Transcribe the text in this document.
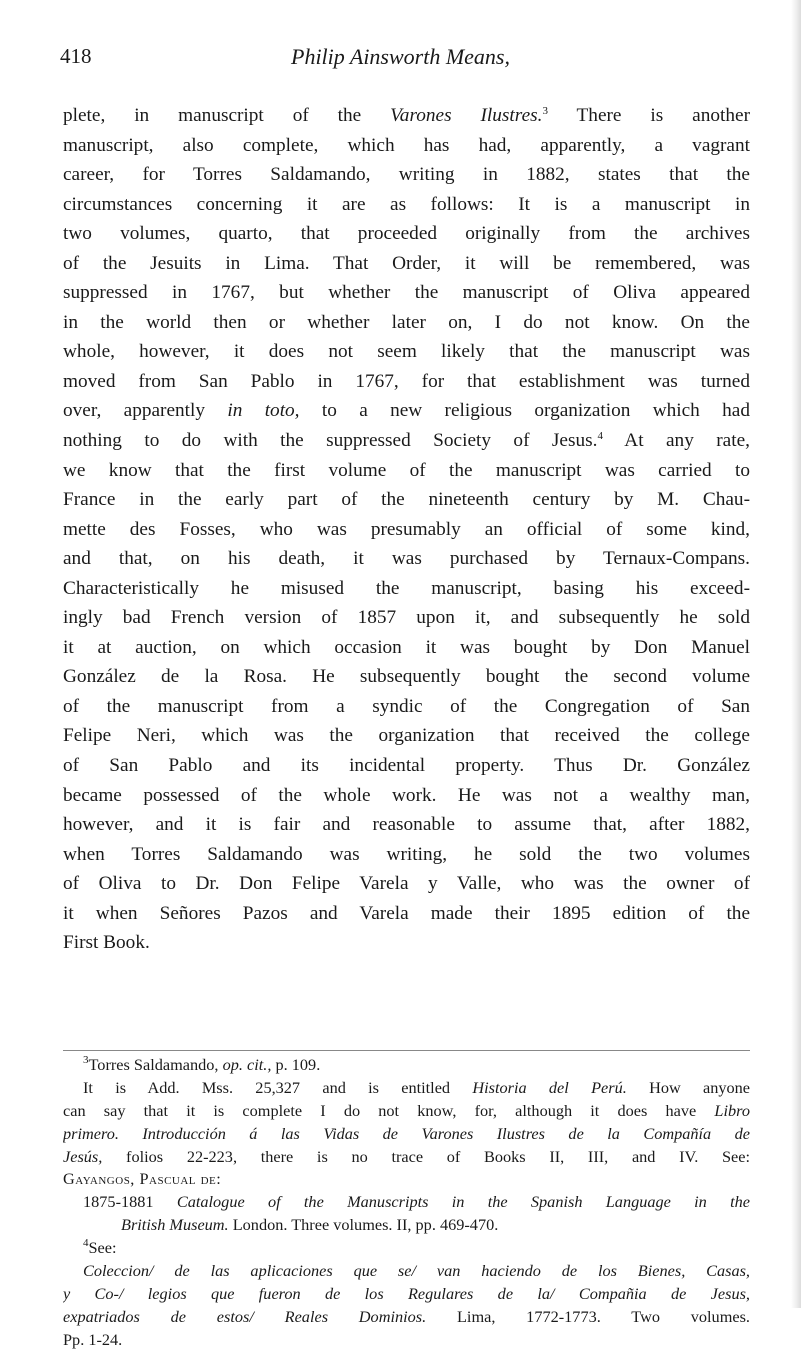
418	Philip Ainsworth Means,
plete, in manuscript of the Varones Ilustres.$^3$ There is another
manuscript, also complete, which has had, apparently, a vagrant
career, for Torres Saldamando, writing in 1882, states that the
circumstances concerning it are as follows: It is a manuscript in
two volumes, quarto, that proceeded originally from the archives
of the Jesuits in Lima. That Order, it will be remembered, was
suppressed in 1767, but whether the manuscript of Oliva appeared
in the world then or whether later on, I do not know. On the
whole, however, it does not seem likely that the manuscript was
moved from San Pablo in 1767, for that establishment was turned
over, apparently in toto, to a new religious organization which had
nothing to do with the suppressed Society of Jesus.$^4$ At any rate,
we know that the first volume of the manuscript was carried to
France in the early part of the nineteenth century by M. Chau-
mette des Fosses, who was presumably an official of some kind,
and that, on his death, it was purchased by Ternaux-Compans.
Characteristically he misused the manuscript, basing his exceed-
ingly bad French version of 1857 upon it, and subsequently he sold
it at auction, on which occasion it was bought by Don Manuel
González de la Rosa. He subsequently bought the second volume
of the manuscript from a syndic of the Congregation of San
Felipe Neri, which was the organization that received the college
of San Pablo and its incidental property. Thus Dr. González
became possessed of the whole work. He was not a wealthy man,
however, and it is fair and reasonable to assume that, after 1882,
when Torres Saldamando was writing, he sold the two volumes
of Oliva to Dr. Don Felipe Varela y Valle, who was the owner of
it when Señores Pazos and Varela made their 1895 edition of the
First Book.
$^3$Torres Saldamando, op. cit., p. 109.
It is Add. Mss. 25,327 and is entitled Historia del Perú. How anyone
can say that it is complete I do not know, for, although it does have Libro
primero. Introducción á las Vidas de Varones Ilustres de la Compañía de
Jesús, folios 22-223, there is no trace of Books II, III, and IV. See:
Gayangos, Pascual de:
1875-1881 Catalogue of the Manuscripts in the Spanish Language in the
British Museum. London. Three volumes. II, pp. 469-470.
$^4$See:
Coleccion/ de las aplicaciones que se/ van haciendo de los Bienes, Casas,
y Co-/ legios que fueron de los Regulares de la/ Compañia de Jesus,
expatriados de estos/ Reales Dominios. Lima, 1772-1773. Two volumes.
Pp. 1-24.
